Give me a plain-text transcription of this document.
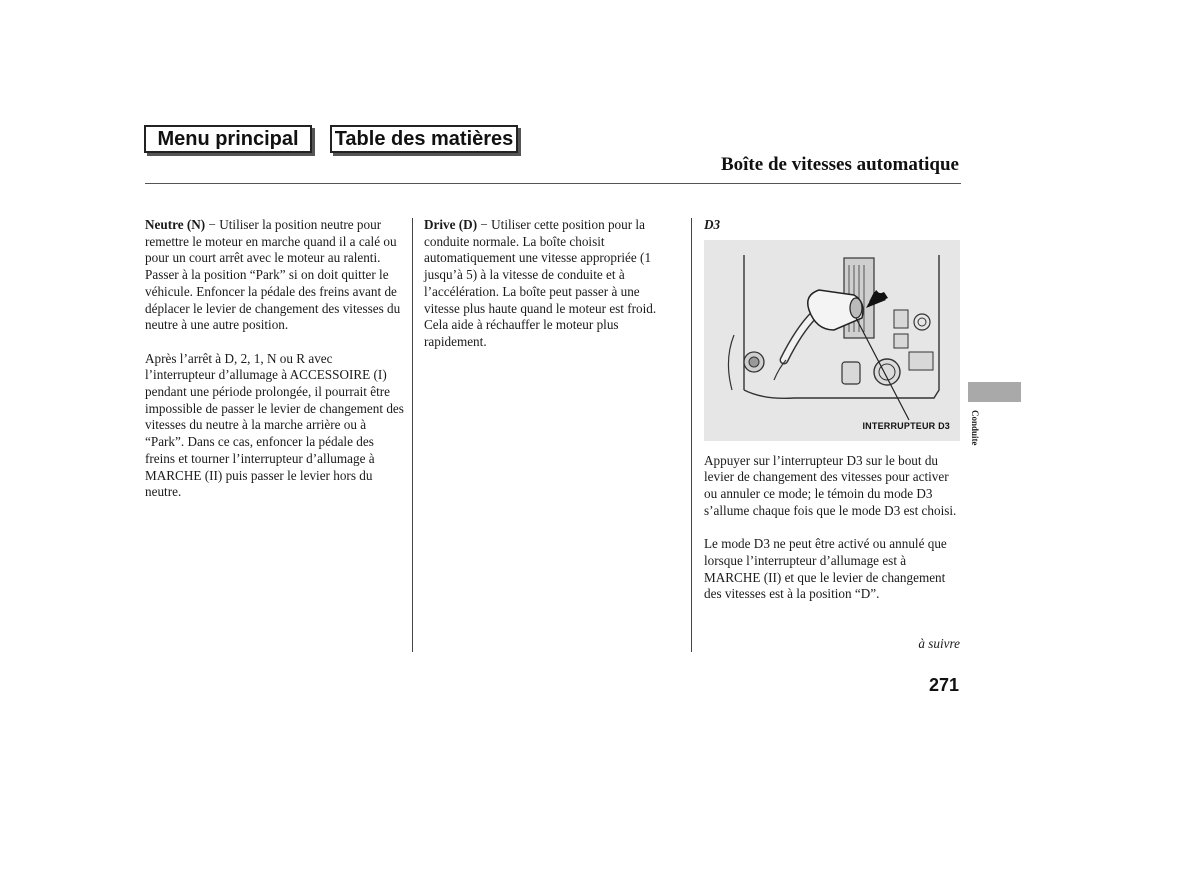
Menu principal	Table des matières
Boîte de vitesses automatique

Neutre (N) − Utiliser la position neutre pour remettre le moteur en marche quand il a calé ou pour un court arrêt avec le moteur au ralenti. Passer à la position “Park” si on doit quitter le véhicule. Enfoncer la pédale des freins avant de déplacer le levier de changement des vitesses du neutre à une autre position.

Après l’arrêt à D, 2, 1, N ou R avec l’interrupteur d’allumage à ACCESSOIRE (I) pendant une période prolongée, il pourrait être impossible de passer le levier de changement des vitesses du neutre à la marche arrière ou à “Park”. Dans ce cas, enfoncer la pédale des freins et tourner l’interrupteur d’allumage à MARCHE (II) puis passer le levier hors du neutre.

Drive (D) − Utiliser cette position pour la conduite normale. La boîte choisit automatiquement une vitesse appropriée (1 jusqu’à 5) à la vitesse de conduite et à l’accélération. La boîte peut passer à une vitesse plus haute quand le moteur est froid. Cela aide à réchauffer le moteur plus rapidement.

D3
INTERRUPTEUR D3

Appuyer sur l’interrupteur D3 sur le bout du levier de changement des vitesses pour activer ou annuler ce mode; le témoin du mode D3 s’allume chaque fois que le mode D3 est choisi.

Le mode D3 ne peut être activé ou annulé que lorsque l’interrupteur d’allumage est à MARCHE (II) et que le levier de changement des vitesses est à la position “D”.

à suivre
271
Conduite
